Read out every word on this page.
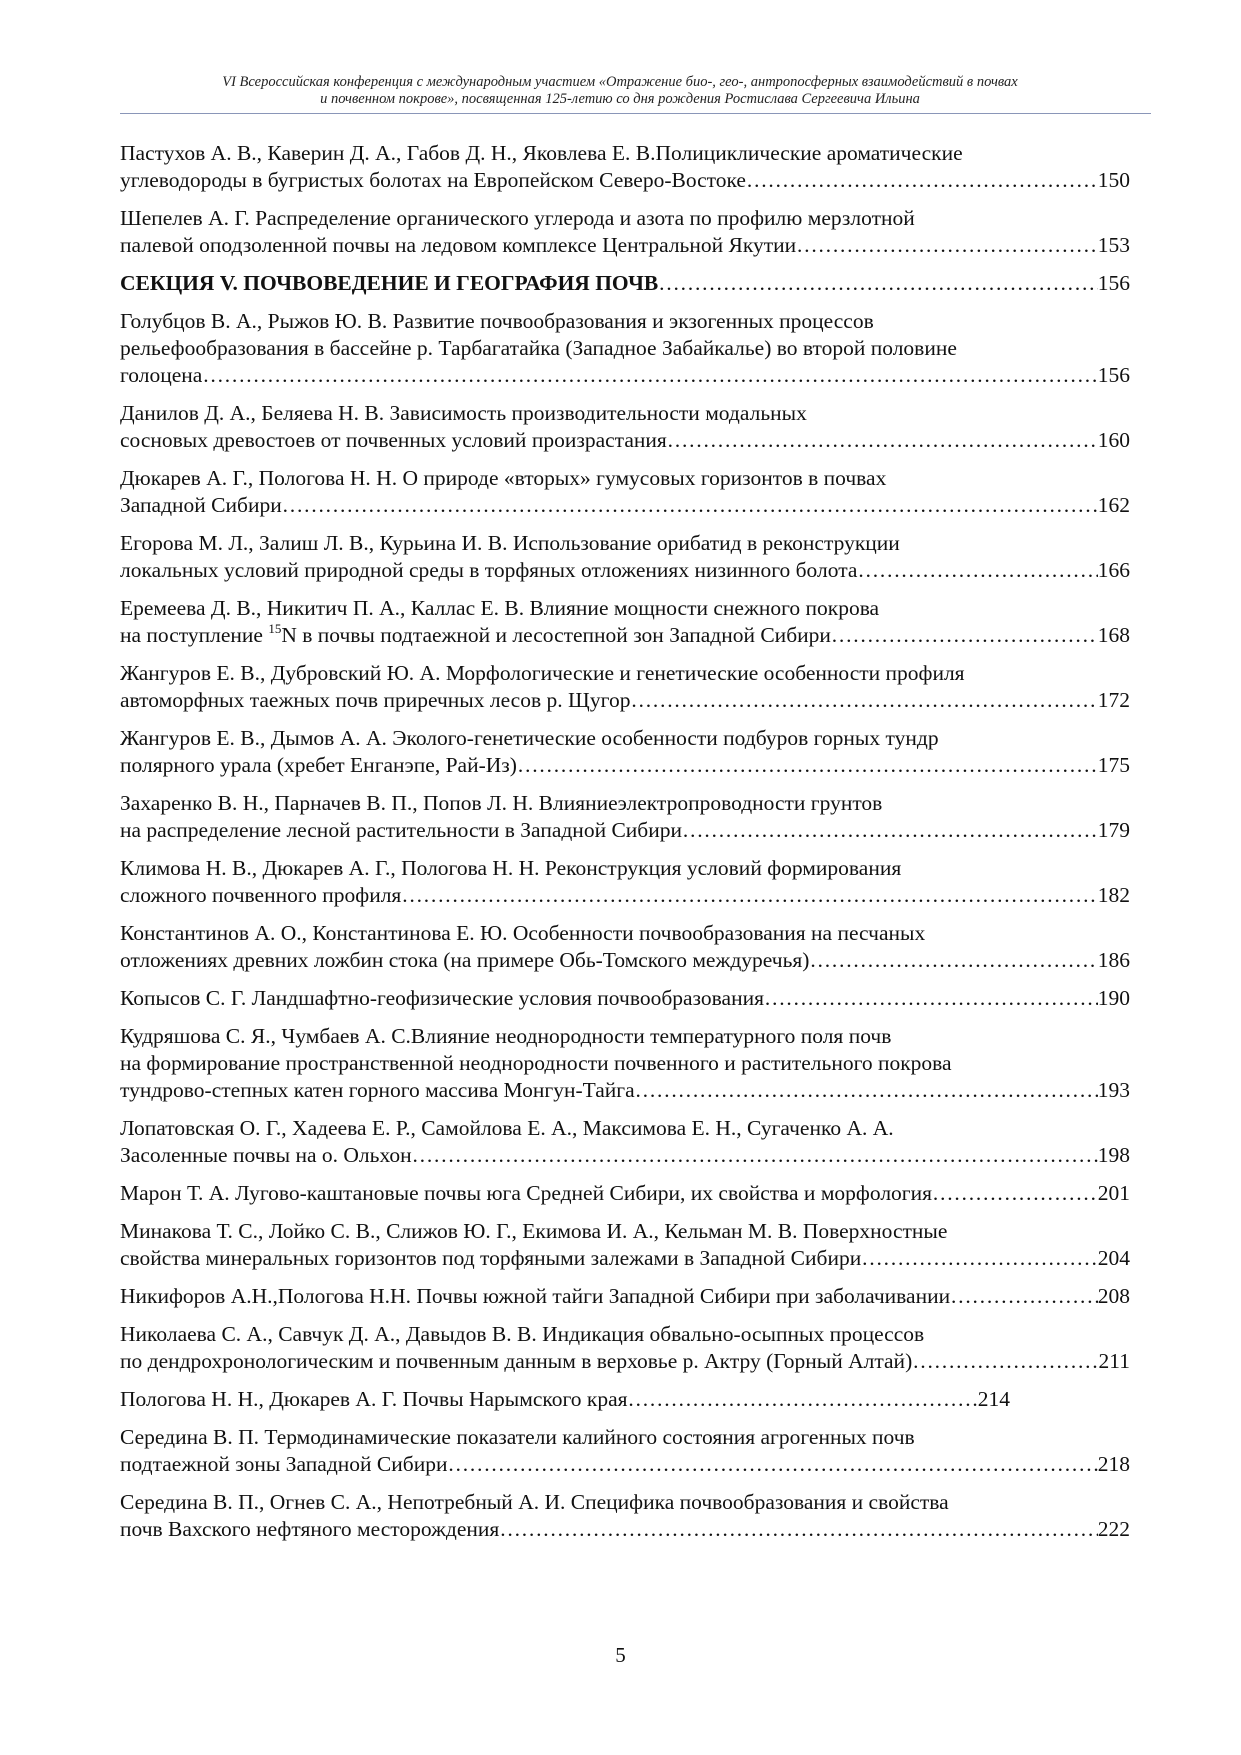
VI Всероссийская конференция с международным участием «Отражение био-, гео-, антропосферных взаимодействий в почвах
и почвенном покрове», посвященная 125-летию со дня рождения Ростислава Сергеевича Ильина
Пастухов А. В., Каверин Д. А., Габов Д. Н., Яковлева Е. В.Полициклические ароматические
углеводороды в бугристых болотах на Европейском Северо-Востоке ……………………………………………………………………………………………………………………………………………………………………………………	150
Шепелев А. Г. Распределение органического углерода и азота по профилю мерзлотной
палевой оподзоленной почвы на ледовом комплексе Центральной Якутии ……………………………………………………………………………………………………………………………………………………………………………………	153
СЕКЦИЯ V. ПОЧВОВЕДЕНИЕ И ГЕОГРАФИЯ ПОЧВ ……………………………………………………………………………………………………………………………………………………………………………………	156
Голубцов В. А., Рыжов Ю. В. Развитие почвообразования и экзогенных процессов
рельефообразования в бассейне р. Тарбагатайка (Западное Забайкалье) во второй половине
голоцена ……………………………………………………………………………………………………………………………………………………………………………………	156
Данилов Д. А., Беляева Н. В. Зависимость производительности модальных
сосновых древостоев от почвенных условий произрастания ……………………………………………………………………………………………………………………………………………………………………………………	160
Дюкарев А. Г., Пологова Н. Н. О природе «вторых» гумусовых горизонтов в почвах
Западной Сибири ……………………………………………………………………………………………………………………………………………………………………………………	162
Егорова М. Л., Залиш Л. В., Курьина И. В. Использование орибатид в реконструкции
локальных условий природной среды в торфяных отложениях низинного болота ……………………………………………………………………………………………………………………………………………………………………………………	166
Еремеева Д. В., Никитич П. А., Каллас Е. В. Влияние мощности снежного покрова
на поступление $^{15}$N в почвы подтаежной и лесостепной зон Западной Сибири ……………………………………………………………………………………………………………………………………………………………………………………	168
Жангуров Е. В., Дубровский Ю. А. Морфологические и генетические особенности профиля
автоморфных таежных почв приречных лесов р. Щугор ……………………………………………………………………………………………………………………………………………………………………………………	172
Жангуров Е. В., Дымов А. А. Эколого-генетические особенности подбуров горных тундр
полярного урала (хребет Енганэпе, Рай-Из) ……………………………………………………………………………………………………………………………………………………………………………………	175
Захаренко В. Н., Парначев В. П., Попов Л. Н. Влияниеэлектропроводности грунтов
на распределение лесной растительности в Западной Сибири ……………………………………………………………………………………………………………………………………………………………………………………	179
Климова Н. В., Дюкарев А. Г., Пологова Н. Н. Реконструкция условий формирования
сложного почвенного профиля ……………………………………………………………………………………………………………………………………………………………………………………	182
Константинов А. О., Константинова Е. Ю. Особенности почвообразования на песчаных
отложениях древних ложбин стока (на примере Обь-Томского междуречья) ……………………………………………………………………………………………………………………………………………………………………………………	186
Копысов С. Г. Ландшафтно-геофизические условия почвообразования ……………………………………………………………………………………………………………………………………………………………………………………	190
Кудряшова С. Я., Чумбаев А. С.Влияние неоднородности температурного поля почв
на формирование пространственной неоднородности почвенного и растительного покрова
тундрово-степных катен горного массива Монгун-Тайга ……………………………………………………………………………………………………………………………………………………………………………………	193
Лопатовская О. Г., Хадеева Е. Р., Самойлова Е. А., Максимова Е. Н., Сугаченко А. А.
Засоленные почвы на о. Ольхон ……………………………………………………………………………………………………………………………………………………………………………………	198
Марон Т. А. Лугово-каштановые почвы юга Средней Сибири, их свойства и морфология ……………………………………………………………………………………………………………………………………………………………………………………	201
Минакова Т. С., Лойко С. В., Слижов Ю. Г., Екимова И. А., Кельман М. В. Поверхностные
свойства минеральных горизонтов под торфяными залежами в Западной Сибири ……………………………………………………………………………………………………………………………………………………………………………………	204
Никифоров А.Н.,Пологова Н.Н. Почвы южной тайги Западной Сибири при заболачивании ……………………………………………………………………………………………………………………………………………………………………………………	208
Николаева С. А., Савчук Д. А., Давыдов В. В. Индикация обвально-осыпных процессов
по дендрохронологическим и почвенным данным в верховье р. Актру (Горный Алтай) ……………………………………………………………………………………………………………………………………………………………………………………	211
Пологова Н. Н., Дюкарев А. Г. Почвы Нарымского края ……………………………………………………………………………………………………………………………………………………………………………………	214
Середина В. П. Термодинамические показатели калийного состояния агрогенных почв
подтаежной зоны Западной Сибири ……………………………………………………………………………………………………………………………………………………………………………………	218
Середина В. П., Огнев С. А., Непотребный А. И. Специфика почвообразования и свойства
почв Вахского нефтяного месторождения ……………………………………………………………………………………………………………………………………………………………………………………	222
5
